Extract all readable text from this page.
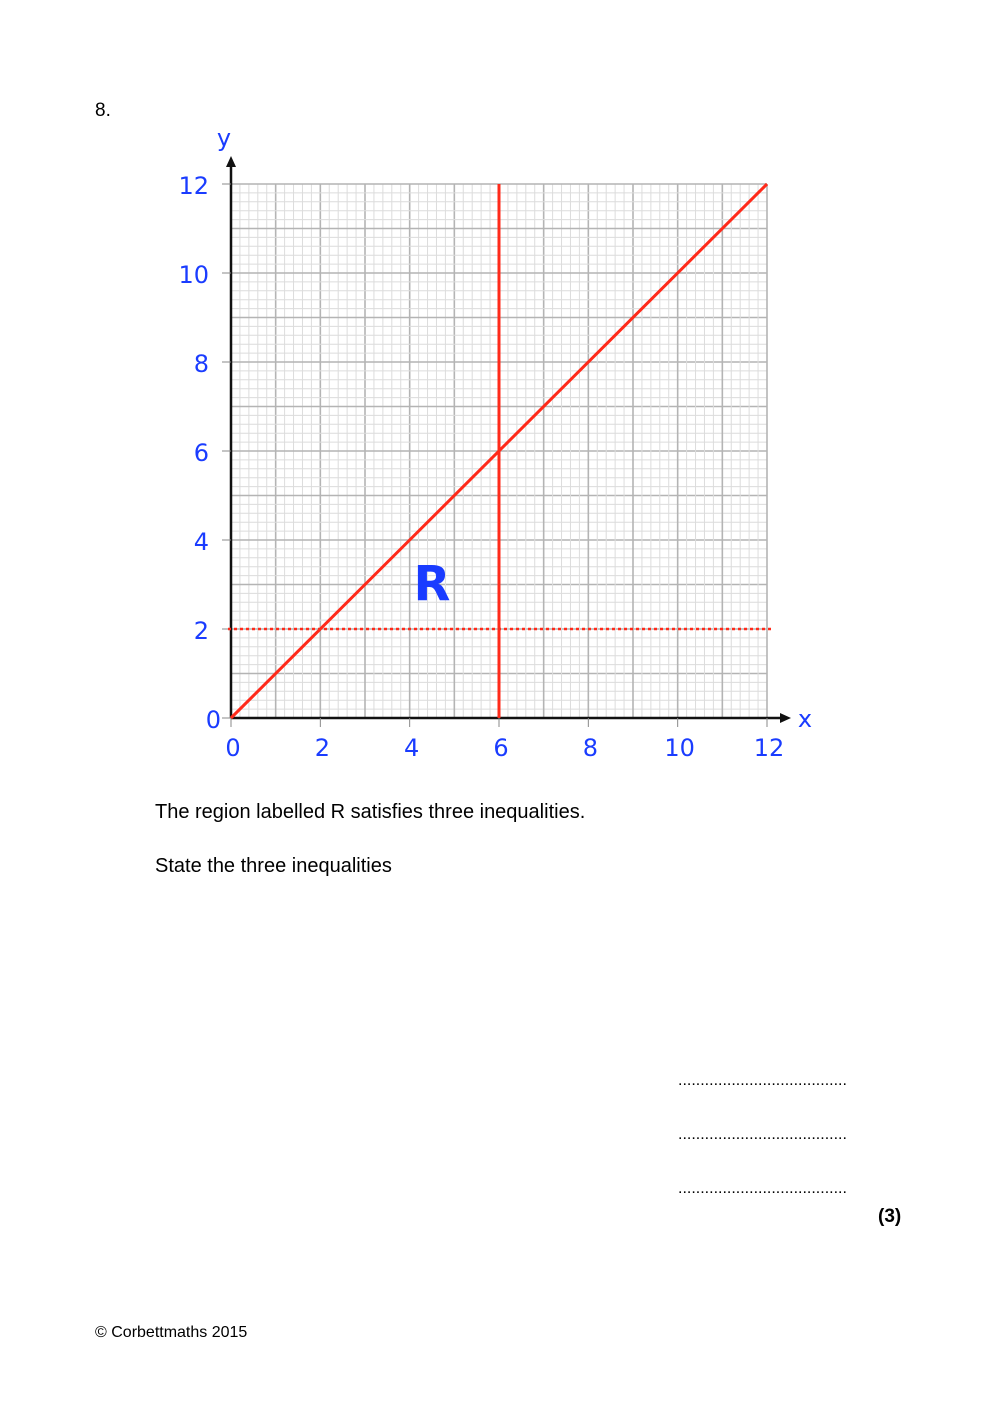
8.
0	2	4	6	8	10 12
0
2
4
6
8
10
12
x
y
R
The region labelled R satisfies three inequalities.
State the three inequalities
......................................
......................................
......................................
(3)
© Corbettmaths 2015
